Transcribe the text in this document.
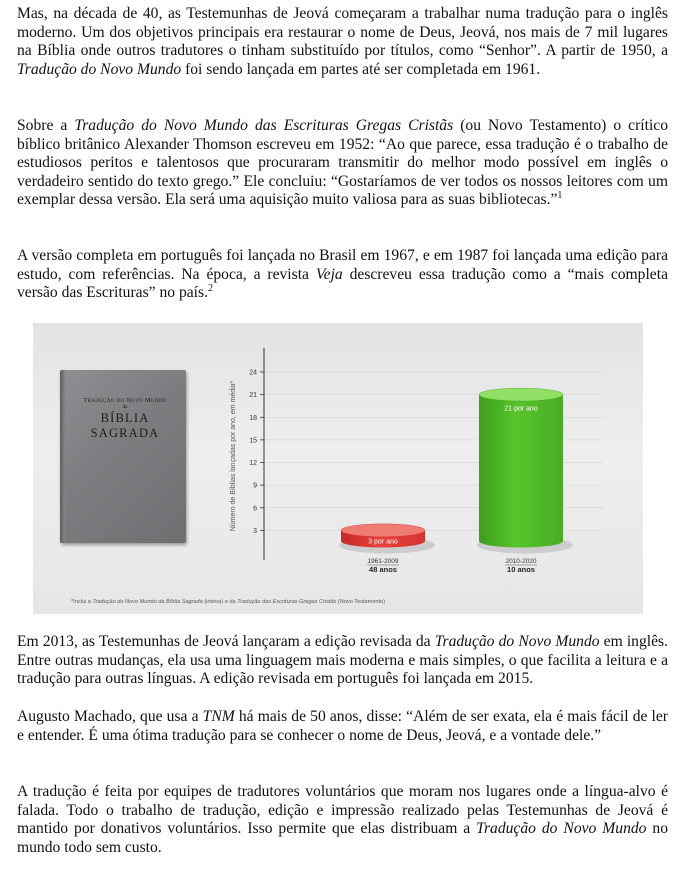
Mas, na década de 40, as Testemunhas de Jeová começaram a trabalhar numa tradução para o inglês moderno. Um dos objetivos principais era restaurar o nome de Deus, Jeová, nos mais de 7 mil lugares na Bíblia onde outros tradutores o tinham substituído por títulos, como “Senhor”. A partir de 1950, a Tradução do Novo Mundo foi sendo lançada em partes até ser completada em 1961.

Sobre a Tradução do Novo Mundo das Escrituras Gregas Cristãs (ou Novo Testamento) o crítico bíblico britânico Alexander Thomson escreveu em 1952: “Ao que parece, essa tradução é o trabalho de estudiosos peritos e talentosos que procuraram transmitir do melhor modo possível em inglês o verdadeiro sentido do texto grego.” Ele concluiu: “Gostaríamos de ver todos os nossos leitores com um exemplar dessa versão. Ela será uma aquisição muito valiosa para as suas bibliotecas.”$^1$

A versão completa em português foi lançada no Brasil em 1967, e em 1987 foi lançada uma edição para estudo, com referências. Na época, a revista Veja descreveu essa tradução como a “mais completa versão das Escrituras” no país.$^2$

Tradução do Novo Mundo
da
BÍBLIA
SAGRADA
3
6
9
12
15
18
21
24
Número de Bíblias lançadas por ano, em média*
3 por ano
1961-2009
48 anos
21 por ano
2010-2020
10 anos
*Inclui a Tradução do Novo Mundo da Bíblia Sagrada (inteira) e da Tradução das Escrituras Gregas Cristãs (Novo Testamento)

Em 2013, as Testemunhas de Jeová lançaram a edição revisada da Tradução do Novo Mundo em inglês. Entre outras mudanças, ela usa uma linguagem mais moderna e mais simples, o que facilita a leitura e a tradução para outras línguas. A edição revisada em português foi lançada em 2015.

Augusto Machado, que usa a TNM há mais de 50 anos, disse: “Além de ser exata, ela é mais fácil de ler e entender. É uma ótima tradução para se conhecer o nome de Deus, Jeová, e a vontade dele.”

A tradução é feita por equipes de tradutores voluntários que moram nos lugares onde a língua-alvo é falada. Todo o trabalho de tradução, edição e impressão realizado pelas Testemunhas de Jeová é mantido por donativos voluntários. Isso permite que elas distribuam a Tradução do Novo Mundo no mundo todo sem custo.
